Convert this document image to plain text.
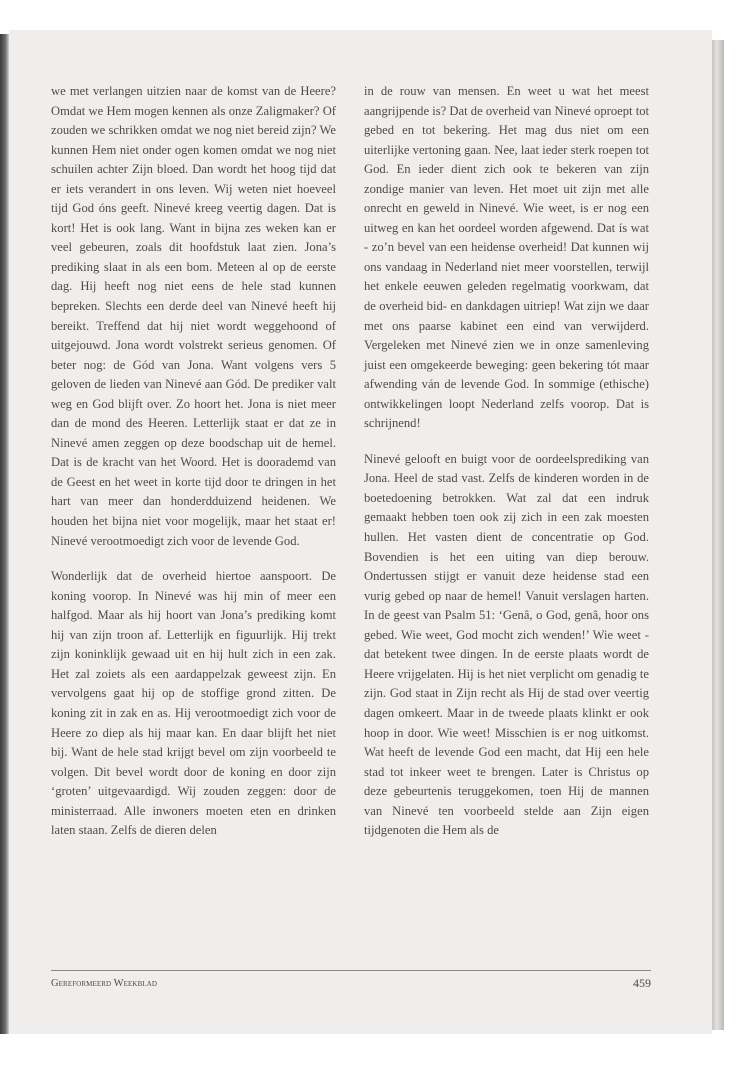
we met verlangen uitzien naar de komst van de Heere? Omdat we Hem mogen kennen als onze Zaligmaker? Of zouden we schrikken omdat we nog niet bereid zijn? We kunnen Hem niet onder ogen komen omdat we nog niet schuilen achter Zijn bloed. Dan wordt het hoog tijd dat er iets verandert in ons leven. Wij weten niet hoeveel tijd God óns geeft. Ninevé kreeg veertig dagen. Dat is kort! Het is ook lang. Want in bijna zes weken kan er veel gebeuren, zoals dit hoofdstuk laat zien. Jona’s prediking slaat in als een bom. Meteen al op de eerste dag. Hij heeft nog niet eens de hele stad kunnen bepreken. Slechts een derde deel van Ninevé heeft hij bereikt. Treffend dat hij niet wordt weggehoond of uitgejouwd. Jona wordt volstrekt serieus genomen. Of beter nog: de Gód van Jona. Want volgens vers 5 geloven de lieden van Ninevé aan Gód. De prediker valt weg en God blijft over. Zo hoort het. Jona is niet meer dan de mond des Heeren. Letterlijk staat er dat ze in Ninevé amen zeggen op deze boodschap uit de hemel. Dat is de kracht van het Woord. Het is doorademd van de Geest en het weet in korte tijd door te dringen in het hart van meer dan honderdduizend heidenen. We houden het bijna niet voor mogelijk, maar het staat er! Ninevé verootmoedigt zich voor de levende God.

Wonderlijk dat de overheid hiertoe aanspoort. De koning voorop. In Ninevé was hij min of meer een halfgod. Maar als hij hoort van Jona’s prediking komt hij van zijn troon af. Letterlijk en figuurlijk. Hij trekt zijn koninklijk gewaad uit en hij hult zich in een zak. Het zal zoiets als een aardappelzak geweest zijn. En vervolgens gaat hij op de stoffige grond zitten. De koning zit in zak en as. Hij verootmoedigt zich voor de Heere zo diep als hij maar kan. En daar blijft het niet bij. Want de hele stad krijgt bevel om zijn voorbeeld te volgen. Dit bevel wordt door de koning en door zijn ‘groten’ uitgevaardigd. Wij zouden zeggen: door de ministerraad. Alle inwoners moeten eten en drinken laten staan. Zelfs de dieren delen

in de rouw van mensen. En weet u wat het meest aangrijpende is? Dat de overheid van Ninevé oproept tot gebed en tot bekering. Het mag dus niet om een uiterlijke vertoning gaan. Nee, laat ieder sterk roepen tot God. En ieder dient zich ook te bekeren van zijn zondige manier van leven. Het moet uit zijn met alle onrecht en geweld in Ninevé. Wie weet, is er nog een uitweg en kan het oordeel worden afgewend. Dat ís wat - zo’n bevel van een heidense overheid! Dat kunnen wij ons vandaag in Nederland niet meer voorstellen, terwijl het enkele eeuwen geleden regelmatig voorkwam, dat de overheid bid- en dankdagen uitriep! Wat zijn we daar met ons paarse kabinet een eind van verwijderd. Vergeleken met Ninevé zien we in onze samenleving juist een omgekeerde beweging: geen bekering tót maar afwending ván de levende God. In sommige (ethische) ontwikkelingen loopt Nederland zelfs voorop. Dat is schrijnend!

Ninevé gelooft en buigt voor de oordeelsprediking van Jona. Heel de stad vast. Zelfs de kinderen worden in de boetedoening betrokken. Wat zal dat een indruk gemaakt hebben toen ook zij zich in een zak moesten hullen. Het vasten dient de concentratie op God. Bovendien is het een uiting van diep berouw. Ondertussen stijgt er vanuit deze heidense stad een vurig gebed op naar de hemel! Vanuit verslagen harten. In de geest van Psalm 51: ‘Genâ, o God, genâ, hoor ons gebed. Wie weet, God mocht zich wenden!’ Wie weet - dat betekent twee dingen. In de eerste plaats wordt de Heere vrijgelaten. Hij is het niet verplicht om genadig te zijn. God staat in Zijn recht als Hij de stad over veertig dagen omkeert. Maar in de tweede plaats klinkt er ook hoop in door. Wie weet! Misschien is er nog uitkomst. Wat heeft de levende God een macht, dat Hij een hele stad tot inkeer weet te brengen. Later is Christus op deze gebeurtenis teruggekomen, toen Hij de mannen van Ninevé ten voorbeeld stelde aan Zijn eigen tijdgenoten die Hem als de

Gereformeerd Weekblad	459
